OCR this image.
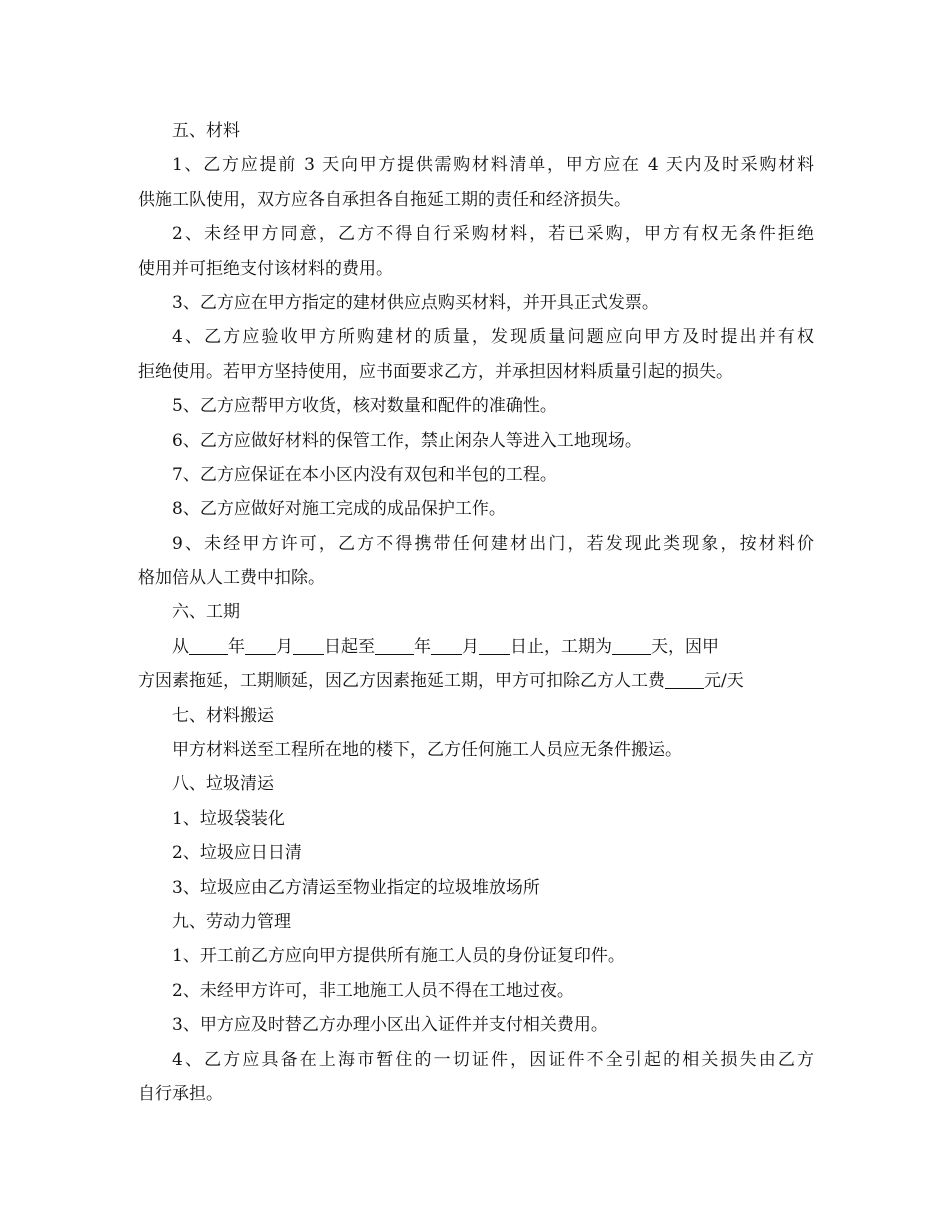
五、材料
1、乙方应提前 3 天向甲方提供需购材料清单，甲方应在 4 天内及时采购材料
供施工队使用，双方应各自承担各自拖延工期的责任和经济损失。
2、未经甲方同意，乙方不得自行采购材料，若已采购，甲方有权无条件拒绝
使用并可拒绝支付该材料的费用。
3、乙方应在甲方指定的建材供应点购买材料，并开具正式发票。
4、乙方应验收甲方所购建材的质量，发现质量问题应向甲方及时提出并有权
拒绝使用。若甲方坚持使用，应书面要求乙方，并承担因材料质量引起的损失。
5、乙方应帮甲方收货，核对数量和配件的准确性。
6、乙方应做好材料的保管工作，禁止闲杂人等进入工地现场。
7、乙方应保证在本小区内没有双包和半包的工程。
8、乙方应做好对施工完成的成品保护工作。
9、未经甲方许可，乙方不得携带任何建材出门，若发现此类现象，按材料价
格加倍从人工费中扣除。
六、工期
从 年 月 日起至 年 月 日止，工期为 天，因甲
方因素拖延，工期顺延，因乙方因素拖延工期，甲方可扣除乙方人工费 元/天
七、材料搬运
甲方材料送至工程所在地的楼下，乙方任何施工人员应无条件搬运。
八、垃圾清运
1、垃圾袋装化
2、垃圾应日日清
3、垃圾应由乙方清运至物业指定的垃圾堆放场所
九、劳动力管理
1、开工前乙方应向甲方提供所有施工人员的身份证复印件。
2、未经甲方许可，非工地施工人员不得在工地过夜。
3、甲方应及时替乙方办理小区出入证件并支付相关费用。
4、乙方应具备在上海市暂住的一切证件，因证件不全引起的相关损失由乙方
自行承担。
